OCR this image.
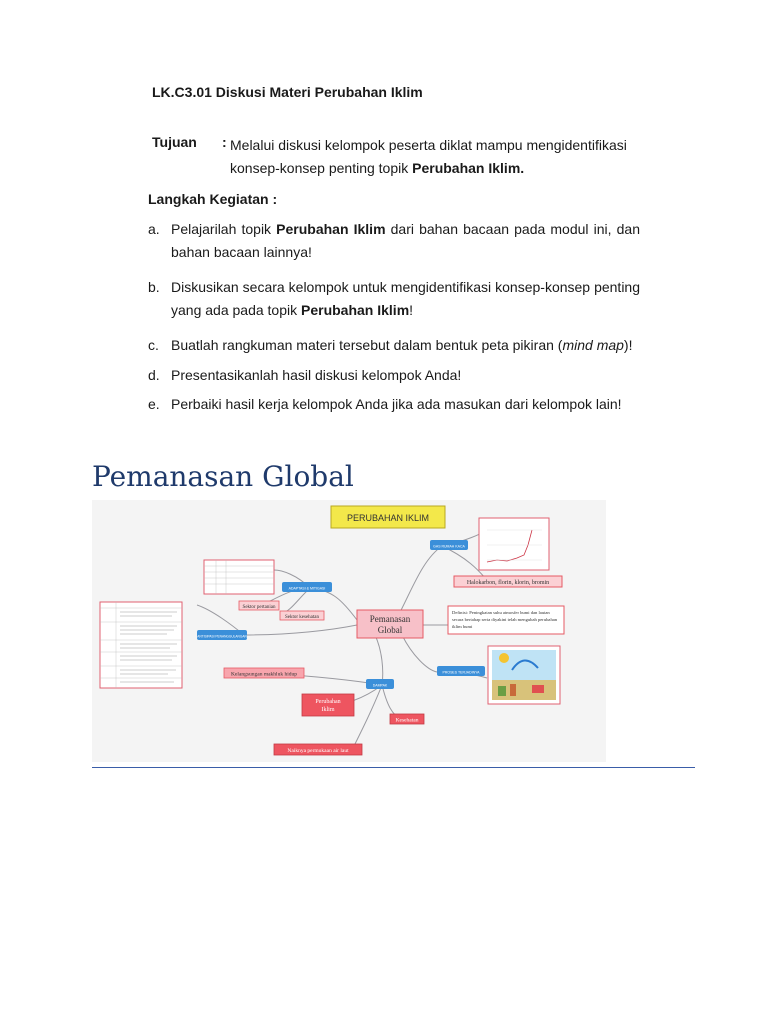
LK.C3.01 Diskusi Materi Perubahan Iklim
Tujuan : Melalui diskusi kelompok peserta diklat mampu mengidentifikasi konsep-konsep penting topik Perubahan Iklim.
Langkah Kegiatan :
a. Pelajarilah topik Perubahan Iklim dari bahan bacaan pada modul ini, dan bahan bacaan lainnya!
b. Diskusikan secara kelompok untuk mengidentifikasi konsep-konsep penting yang ada pada topik Perubahan Iklim!
c. Buatlah rangkuman materi tersebut dalam bentuk peta pikiran (mind map)!
d. Presentasikanlah hasil diskusi kelompok Anda!
e. Perbaiki hasil kerja kelompok Anda jika ada masukan dari kelompok lain!
Pemanasan Global
PERUBAHAN IKLIM
GAS RUMAH KACA
Halokarbon, florin, klorin, bromin
ADAPTASI & MITIGASI
Sektor pertanian
Sektor kesehatan
ANTISIPASI PENANGGULANGAN
Pemanasan
Global
Definisi: Peningkatan suhu atmosfer bumi dan lautan
secara bertahap serta diyakini telah mengubah perubahan
iklim bumi
PROSES TERJADINYA
Kelangsungan makhluk hidup
DAMPAK
Perubahan
Iklim
Kesehatan
Naiknya permukaan air laut
